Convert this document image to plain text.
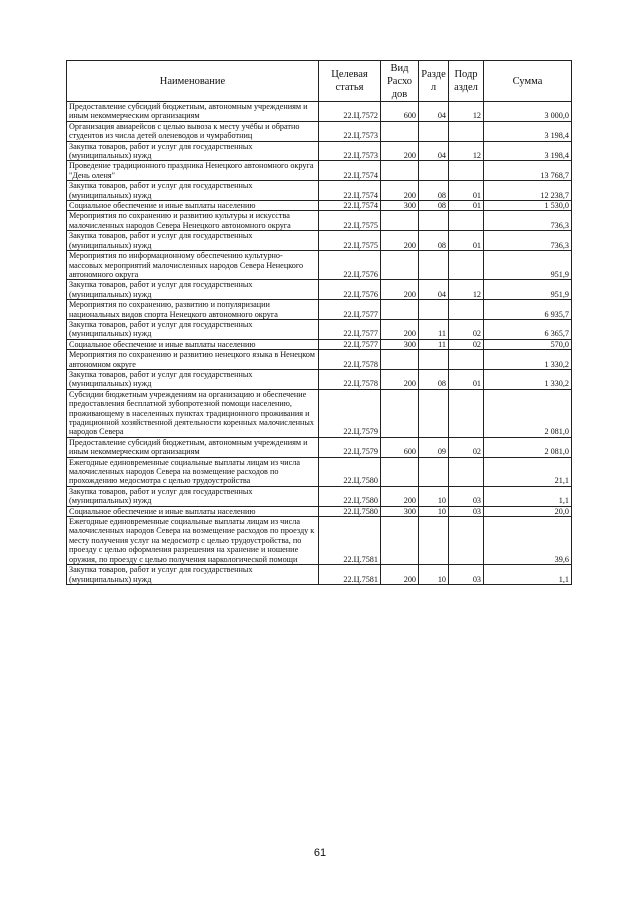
Наименование	Целевая статья	Вид Расхо дов	Разде л	Подр аздел	Сумма
Предоставление субсидий бюджетным, автономным учреждениям и иным некоммерческим организациям	22.Ц.7572	600	04	12	3 000,0
Организация авиарейсов с целью вывоза к месту учёбы и обратно студентов из числа детей оленеводов и чумработниц	22.Ц.7573				3 198,4
Закупка товаров, работ и услуг для государственных (муниципальных) нужд	22.Ц.7573	200	04	12	3 198,4
Проведение традиционного праздника Ненецкого автономного округа "День оленя"	22.Ц.7574				13 768,7
Закупка товаров, работ и услуг для государственных (муниципальных) нужд	22.Ц.7574	200	08	01	12 238,7
Социальное обеспечение и иные выплаты населению	22.Ц.7574	300	08	01	1 530,0
Мероприятия по сохранению и развитию культуры и искусства малочисленных народов Севера Ненецкого автономного округа	22.Ц.7575				736,3
Закупка товаров, работ и услуг для государственных (муниципальных) нужд	22.Ц.7575	200	08	01	736,3
Мероприятия по информационному обеспечению культурно-массовых мероприятий малочисленных народов Севера Ненецкого автономного округа	22.Ц.7576				951,9
Закупка товаров, работ и услуг для государственных (муниципальных) нужд	22.Ц.7576	200	04	12	951,9
Мероприятия по сохранению, развитию и популяризации национальных видов спорта Ненецкого автономного округа	22.Ц.7577				6 935,7
Закупка товаров, работ и услуг для государственных (муниципальных) нужд	22.Ц.7577	200	11	02	6 365,7
Социальное обеспечение и иные выплаты населению	22.Ц.7577	300	11	02	570,0
Мероприятия по сохранению и развитию ненецкого языка в Ненецком автономном округе	22.Ц.7578				1 330,2
Закупка товаров, работ и услуг для государственных (муниципальных) нужд	22.Ц.7578	200	08	01	1 330,2
Субсидии бюджетным учреждениям на организацию и обеспечение предоставления бесплатной зубопротезной помощи населению, проживающему в населенных пунктах традиционного проживания и традиционной хозяйственной деятельности коренных малочисленных народов Севера	22.Ц.7579				2 081,0
Предоставление субсидий бюджетным, автономным учреждениям и иным некоммерческим организациям	22.Ц.7579	600	09	02	2 081,0
Ежегодные единовременные социальные выплаты лицам из числа малочисленных народов Севера на возмещение расходов по прохождению медосмотра с целью трудоустройства	22.Ц.7580				21,1
Закупка товаров, работ и услуг для государственных (муниципальных) нужд	22.Ц.7580	200	10	03	1,1
Социальное обеспечение и иные выплаты населению	22.Ц.7580	300	10	03	20,0
Ежегодные единовременные социальные выплаты лицам из числа малочисленных народов Севера на возмещение расходов по проезду к месту получения услуг на медосмотр с целью трудоустройства, по проезду с целью оформления разрешения на хранение и ношение оружия, по проезду с целью получения наркологической помощи	22.Ц.7581				39,6
Закупка товаров, работ и услуг для государственных (муниципальных) нужд	22.Ц.7581	200	10	03	1,1
61
